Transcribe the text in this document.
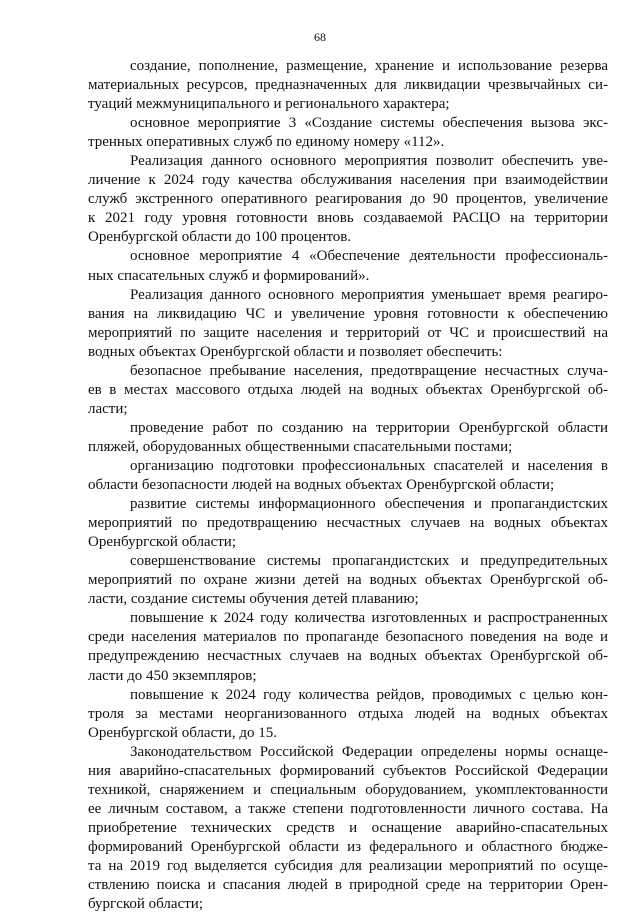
68
создание, пополнение, размещение, хранение и использование резерва
материальных ресурсов, предназначенных для ликвидации чрезвычайных си-
туаций межмуниципального и регионального характера;
основное мероприятие 3 «Создание системы обеспечения вызова экс-
тренных оперативных служб по единому номеру «112».
Реализация данного основного мероприятия позволит обеспечить уве-
личение к 2024 году качества обслуживания населения при взаимодействии
служб экстренного оперативного реагирования до 90 процентов, увеличение
к 2021 году уровня готовности вновь создаваемой РАСЦО на территории
Оренбургской области до 100 процентов.
основное мероприятие 4 «Обеспечение деятельности профессиональ-
ных спасательных служб и формирований».
Реализация данного основного мероприятия уменьшает время реагиро-
вания на ликвидацию ЧС и увеличение уровня готовности к обеспечению
мероприятий по защите населения и территорий от ЧС и происшествий на
водных объектах Оренбургской области и позволяет обеспечить:
безопасное пребывание населения, предотвращение несчастных случа-
ев в местах массового отдыха людей на водных объектах Оренбургской об-
ласти;
проведение работ по созданию на территории Оренбургской области
пляжей, оборудованных общественными спасательными постами;
организацию подготовки профессиональных спасателей и населения в
области безопасности людей на водных объектах Оренбургской области;
развитие системы информационного обеспечения и пропагандистских
мероприятий по предотвращению несчастных случаев на водных объектах
Оренбургской области;
совершенствование системы пропагандистских и предупредительных
мероприятий по охране жизни детей на водных объектах Оренбургской об-
ласти, создание системы обучения детей плаванию;
повышение к 2024 году количества изготовленных и распространенных
среди населения материалов по пропаганде безопасного поведения на воде и
предупреждению несчастных случаев на водных объектах Оренбургской об-
ласти до 450 экземпляров;
повышение к 2024 году количества рейдов, проводимых с целью кон-
троля за местами неорганизованного отдыха людей на водных объектах
Оренбургской области, до 15.
Законодательством Российской Федерации определены нормы оснаще-
ния аварийно-спасательных формирований субъектов Российской Федерации
техникой, снаряжением и специальным оборудованием, укомплектованности
ее личным составом, а также степени подготовленности личного состава. На
приобретение технических средств и оснащение аварийно-спасательных
формирований Оренбургской области из федерального и областного бюдже-
та на 2019 год выделяется субсидия для реализации мероприятий по осуще-
ствлению поиска и спасания людей в природной среде на территории Орен-
бургской области;
